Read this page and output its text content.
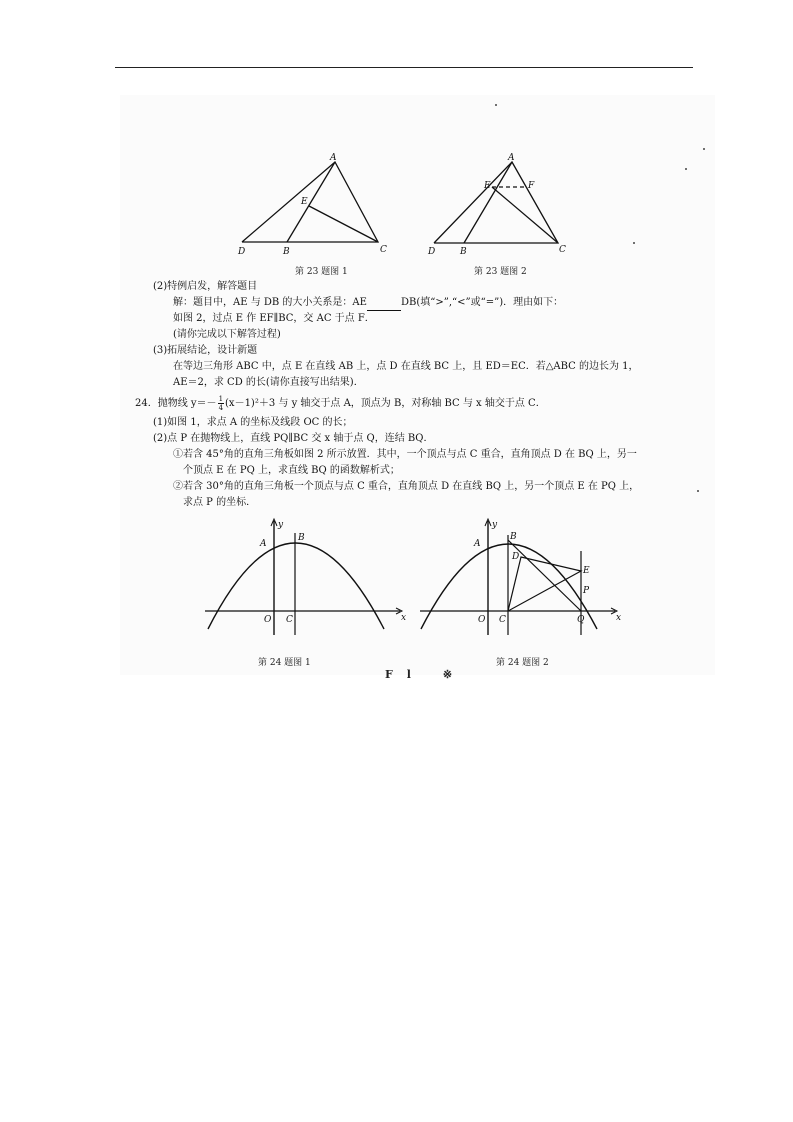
A
E
D	B	C
第 23 题图 1
A
E	F
D	B	C
第 23 题图 2
(2)特例启发，解答题目
解：题目中，AE 与 DB 的大小关系是：AE	DB(填“>”,“<”或“=”)．理由如下：
如图 2，过点 E 作 EF∥BC，交 AC 于点 F．
(请你完成以下解答过程)
(3)拓展结论，设计新题
在等边三角形 ABC 中，点 E 在直线 AB 上，点 D 在直线 BC 上，且 ED＝EC．若△ABC 的边长为 1，
AE＝2，求 CD 的长(请你直接写出结果)．
24．抛物线 $y=- \frac{1}{4} (x-1)^2+3$ 与 y 轴交于点 A，顶点为 B，对称轴 BC 与 x 轴交于点 C．
(1)如图 1，求点 A 的坐标及线段 OC 的长；
(2)点 P 在抛物线上，直线 PQ∥BC 交 x 轴于点 Q，连结 BQ．
①若含 45°角的直角三角板如图 2 所示放置．其中，一个顶点与点 C 重合，直角顶点 D 在 BQ 上，另一
个顶点 E 在 PQ 上，求直线 BQ 的函数解析式；
②若含 30°角的直角三角板一个顶点与点 C 重合，直角顶点 D 在直线 BQ 上，另一个顶点 E 在 PQ 上，
求点 P 的坐标．
y
x
A
B
O C
第 24 题图 1
y
x
A
B
O C
D
E
P
Q
第 24 题图 2
Fl ※
